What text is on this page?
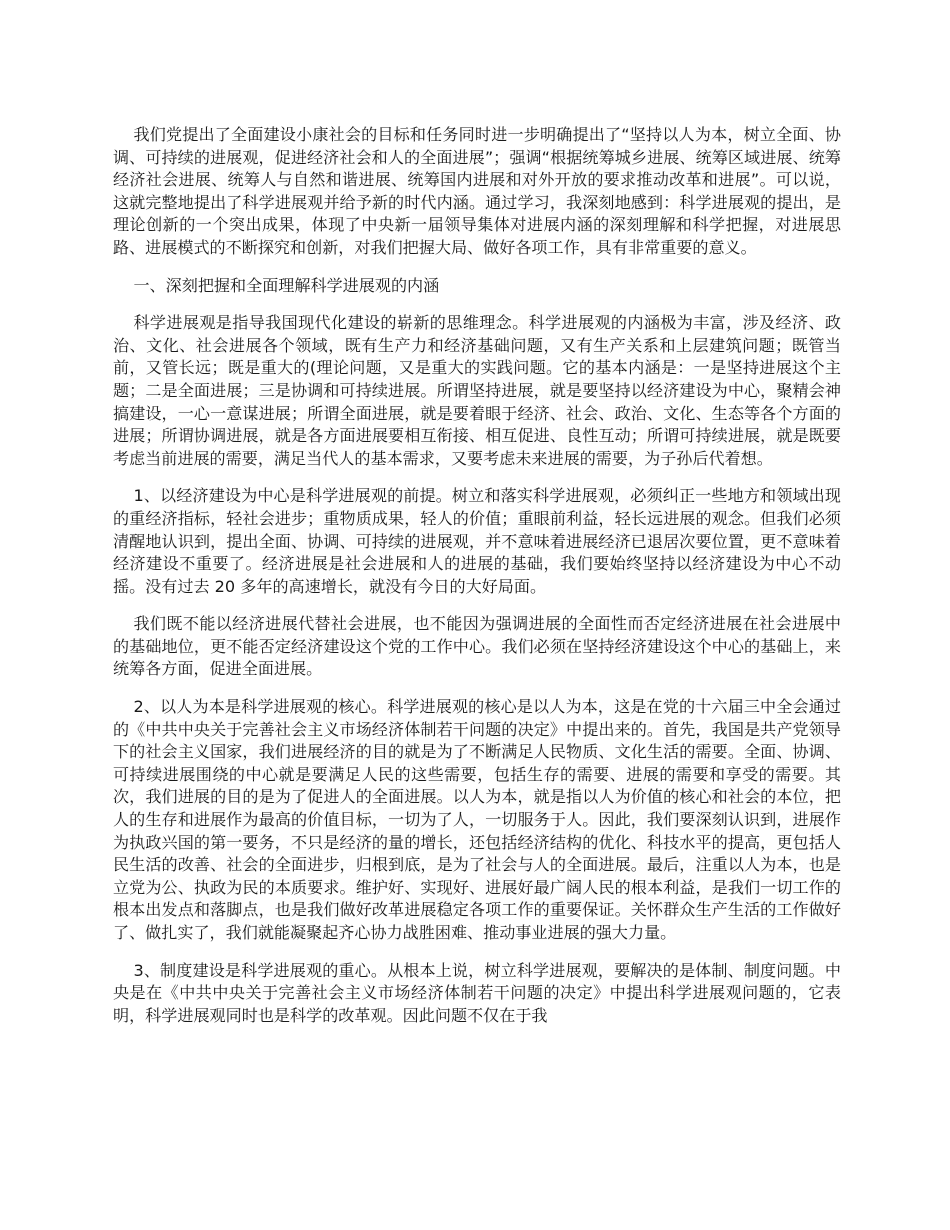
我们党提出了全面建设小康社会的目标和任务同时进一步明确提出了“坚持以人为本，树立全面、协调、可持续的进展观，促进经济社会和人的全面进展”；强调“根据统筹城乡进展、统筹区域进展、统筹经济社会进展、统筹人与自然和谐进展、统筹国内进展和对外开放的要求推动改革和进展”。可以说，这就完整地提出了科学进展观并给予新的时代内涵。通过学习，我深刻地感到：科学进展观的提出，是理论创新的一个突出成果，体现了中央新一届领导集体对进展内涵的深刻理解和科学把握，对进展思路、进展模式的不断探究和创新，对我们把握大局、做好各项工作，具有非常重要的意义。

一、深刻把握和全面理解科学进展观的内涵

科学进展观是指导我国现代化建设的崭新的思维理念。科学进展观的内涵极为丰富，涉及经济、政治、文化、社会进展各个领域，既有生产力和经济基础问题，又有生产关系和上层建筑问题；既管当前，又管长远；既是重大的(理论问题，又是重大的实践问题。它的基本内涵是：一是坚持进展这个主题；二是全面进展；三是协调和可持续进展。所谓坚持进展，就是要坚持以经济建设为中心，聚精会神搞建设，一心一意谋进展；所谓全面进展，就是要着眼于经济、社会、政治、文化、生态等各个方面的进展；所谓协调进展，就是各方面进展要相互衔接、相互促进、良性互动；所谓可持续进展，就是既要考虑当前进展的需要，满足当代人的基本需求，又要考虑未来进展的需要，为子孙后代着想。

1、以经济建设为中心是科学进展观的前提。树立和落实科学进展观，必须纠正一些地方和领域出现的重经济指标，轻社会进步；重物质成果，轻人的价值；重眼前利益，轻长远进展的观念。但我们必须清醒地认识到，提出全面、协调、可持续的进展观，并不意味着进展经济已退居次要位置，更不意味着经济建设不重要了。经济进展是社会进展和人的进展的基础，我们要始终坚持以经济建设为中心不动摇。没有过去 20 多年的高速增长，就没有今日的大好局面。

我们既不能以经济进展代替社会进展，也不能因为强调进展的全面性而否定经济进展在社会进展中的基础地位，更不能否定经济建设这个党的工作中心。我们必须在坚持经济建设这个中心的基础上，来统筹各方面，促进全面进展。

2、以人为本是科学进展观的核心。科学进展观的核心是以人为本，这是在党的十六届三中全会通过的《中共中央关于完善社会主义市场经济体制若干问题的决定》中提出来的。首先，我国是共产党领导下的社会主义国家，我们进展经济的目的就是为了不断满足人民物质、文化生活的需要。全面、协调、可持续进展围绕的中心就是要满足人民的这些需要，包括生存的需要、进展的需要和享受的需要。其次，我们进展的目的是为了促进人的全面进展。以人为本，就是指以人为价值的核心和社会的本位，把人的生存和进展作为最高的价值目标，一切为了人，一切服务于人。因此，我们要深刻认识到，进展作为执政兴国的第一要务，不只是经济的量的增长，还包括经济结构的优化、科技水平的提高，更包括人民生活的改善、社会的全面进步，归根到底，是为了社会与人的全面进展。最后，注重以人为本，也是立党为公、执政为民的本质要求。维护好、实现好、进展好最广阔人民的根本利益，是我们一切工作的根本出发点和落脚点，也是我们做好改革进展稳定各项工作的重要保证。关怀群众生产生活的工作做好了、做扎实了，我们就能凝聚起齐心协力战胜困难、推动事业进展的强大力量。

3、制度建设是科学进展观的重心。从根本上说，树立科学进展观，要解决的是体制、制度问题。中央是在《中共中央关于完善社会主义市场经济体制若干问题的决定》中提出科学进展观问题的，它表明，科学进展观同时也是科学的改革观。因此问题不仅在于我
